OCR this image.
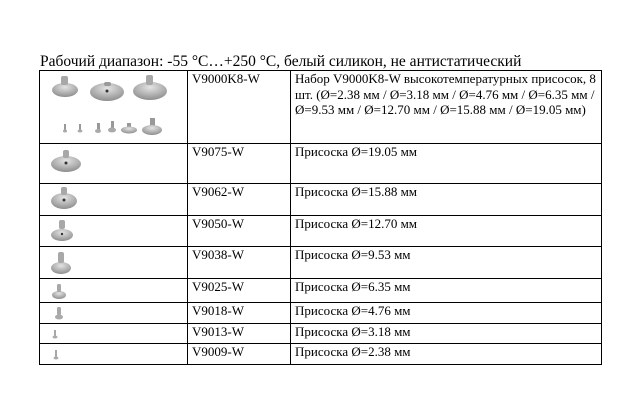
Рабочий диапазон: -55 °C…+250 °C, белый силикон, не антистатический
	V9000K8-W	Набор V9000K8-W высокотемпературных присосок, 8 шт. (Ø=2.38 мм / Ø=3.18 мм / Ø=4.76 мм / Ø=6.35 мм / Ø=9.53 мм / Ø=12.70 мм / Ø=15.88 мм / Ø=19.05 мм)

	V9075-W	Присоска Ø=19.05 мм

	V9062-W	Присоска Ø=15.88 мм

	V9050-W	Присоска Ø=12.70 мм

	V9038-W	Присоска Ø=9.53 мм

	V9025-W	Присоска Ø=6.35 мм

	V9018-W	Присоска Ø=4.76 мм

	V9013-W	Присоска Ø=3.18 мм

	V9009-W	Присоска Ø=2.38 мм
